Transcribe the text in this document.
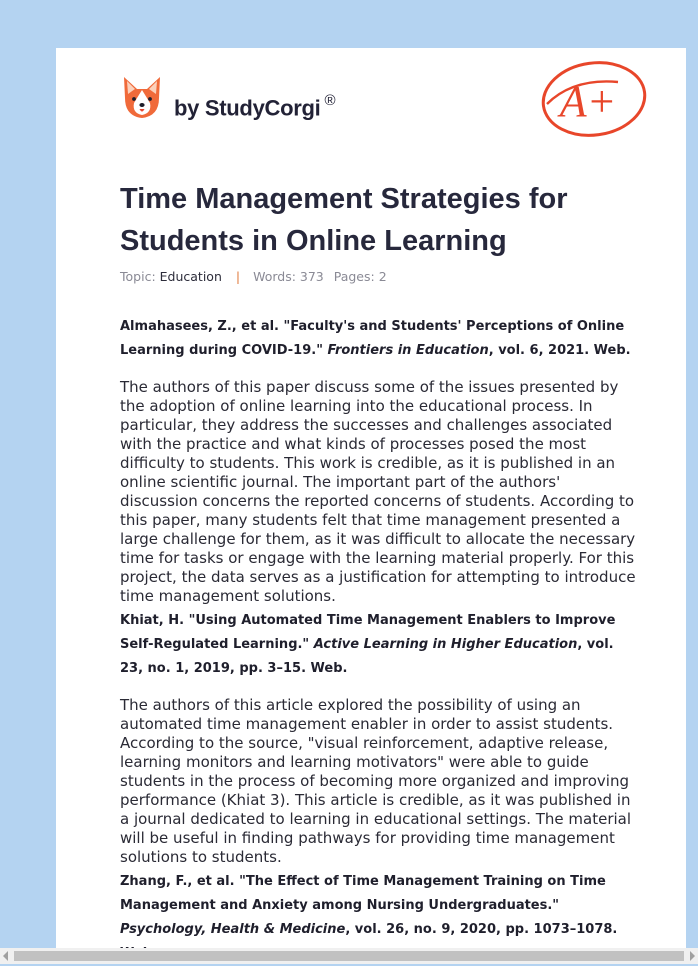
by StudyCorgi ®	A+
Time Management Strategies for Students in Online Learning
Topic: Education | Words: 373 Pages: 2

Almahasees, Z., et al. "Faculty's and Students' Perceptions of Online Learning during COVID-19." Frontiers in Education, vol. 6, 2021. Web.

The authors of this paper discuss some of the issues presented by the adoption of online learning into the educational process. In particular, they address the successes and challenges associated with the practice and what kinds of processes posed the most difficulty to students. This work is credible, as it is published in an online scientific journal. The important part of the authors' discussion concerns the reported concerns of students. According to this paper, many students felt that time management presented a large challenge for them, as it was difficult to allocate the necessary time for tasks or engage with the learning material properly. For this project, the data serves as a justification for attempting to introduce time management solutions.

Khiat, H. "Using Automated Time Management Enablers to Improve Self-Regulated Learning." Active Learning in Higher Education, vol. 23, no. 1, 2019, pp. 3–15. Web.

The authors of this article explored the possibility of using an automated time management enabler in order to assist students. According to the source, "visual reinforcement, adaptive release, learning monitors and learning motivators" were able to guide students in the process of becoming more organized and improving performance (Khiat 3). This article is credible, as it was published in a journal dedicated to learning in educational settings. The material will be useful in finding pathways for providing time management solutions to students.

Zhang, F., et al. "The Effect of Time Management Training on Time Management and Anxiety among Nursing Undergraduates." Psychology, Health & Medicine, vol. 26, no. 9, 2020, pp. 1073–1078.
